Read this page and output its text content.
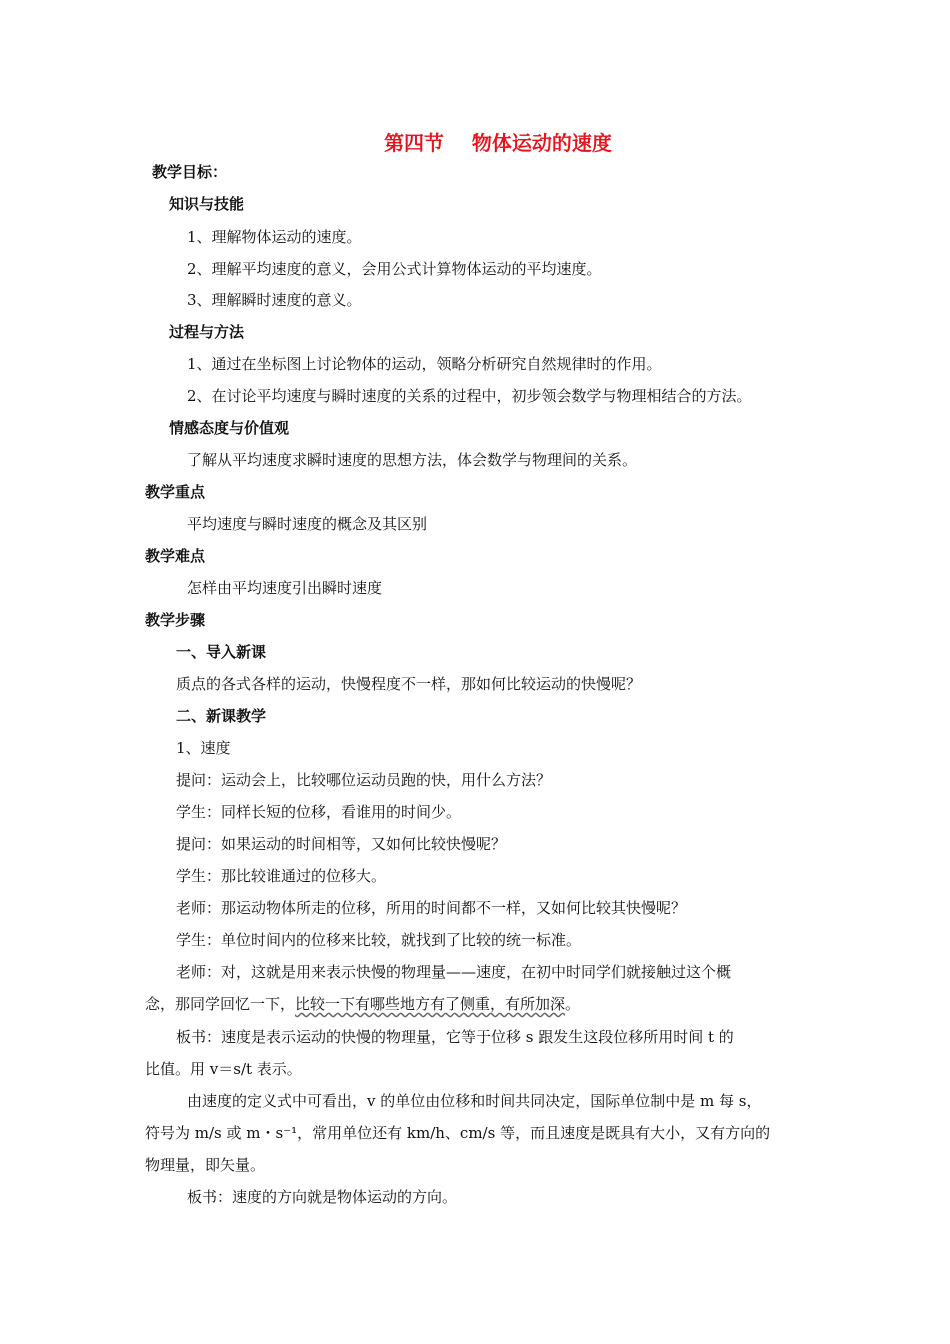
第四节    物体运动的速度
教学目标：
知识与技能
1、理解物体运动的速度。
2、理解平均速度的意义，会用公式计算物体运动的平均速度。
3、理解瞬时速度的意义。
过程与方法
1、通过在坐标图上讨论物体的运动，领略分析研究自然规律时的作用。
2、在讨论平均速度与瞬时速度的关系的过程中，初步领会数学与物理相结合的方法。
情感态度与价值观
了解从平均速度求瞬时速度的思想方法，体会数学与物理间的关系。
教学重点
平均速度与瞬时速度的概念及其区别
教学难点
怎样由平均速度引出瞬时速度
教学步骤
一、导入新课
质点的各式各样的运动，快慢程度不一样，那如何比较运动的快慢呢？
二、新课教学
1、速度
提问：运动会上，比较哪位运动员跑的快，用什么方法？
学生：同样长短的位移，看谁用的时间少。
提问：如果运动的时间相等，又如何比较快慢呢？
学生：那比较谁通过的位移大。
老师：那运动物体所走的位移，所用的时间都不一样，又如何比较其快慢呢？
学生：单位时间内的位移来比较，就找到了比较的统一标准。
老师：对，这就是用来表示快慢的物理量——速度，在初中时同学们就接触过这个概
念，那同学回忆一下，比较一下有哪些地方有了侧重，有所加深。
板书：速度是表示运动的快慢的物理量，它等于位移 s 跟发生这段位移所用时间 t 的
比值。用 v＝s/t 表示。
由速度的定义式中可看出，v 的单位由位移和时间共同决定，国际单位制中是 m 每 s，
符号为 m/s 或 m・s⁻¹，常用单位还有 km/h、cm/s 等，而且速度是既具有大小，又有方向的
物理量，即矢量。
板书：速度的方向就是物体运动的方向。
